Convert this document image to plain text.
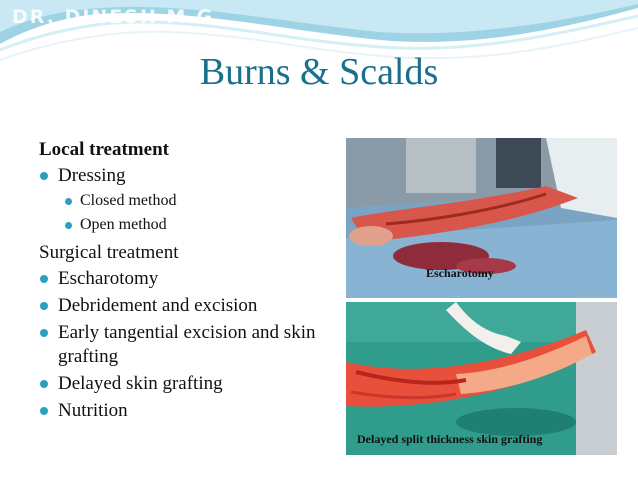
DR. DINESH M.G
Burns & Scalds

Local treatment

Dressing
Closed method
Open method

Surgical treatment

Escharotomy
Debridement and excision
Early tangential excision and skin grafting
Delayed skin grafting
Nutrition
Escharotomy
Delayed split thickness skin grafting
